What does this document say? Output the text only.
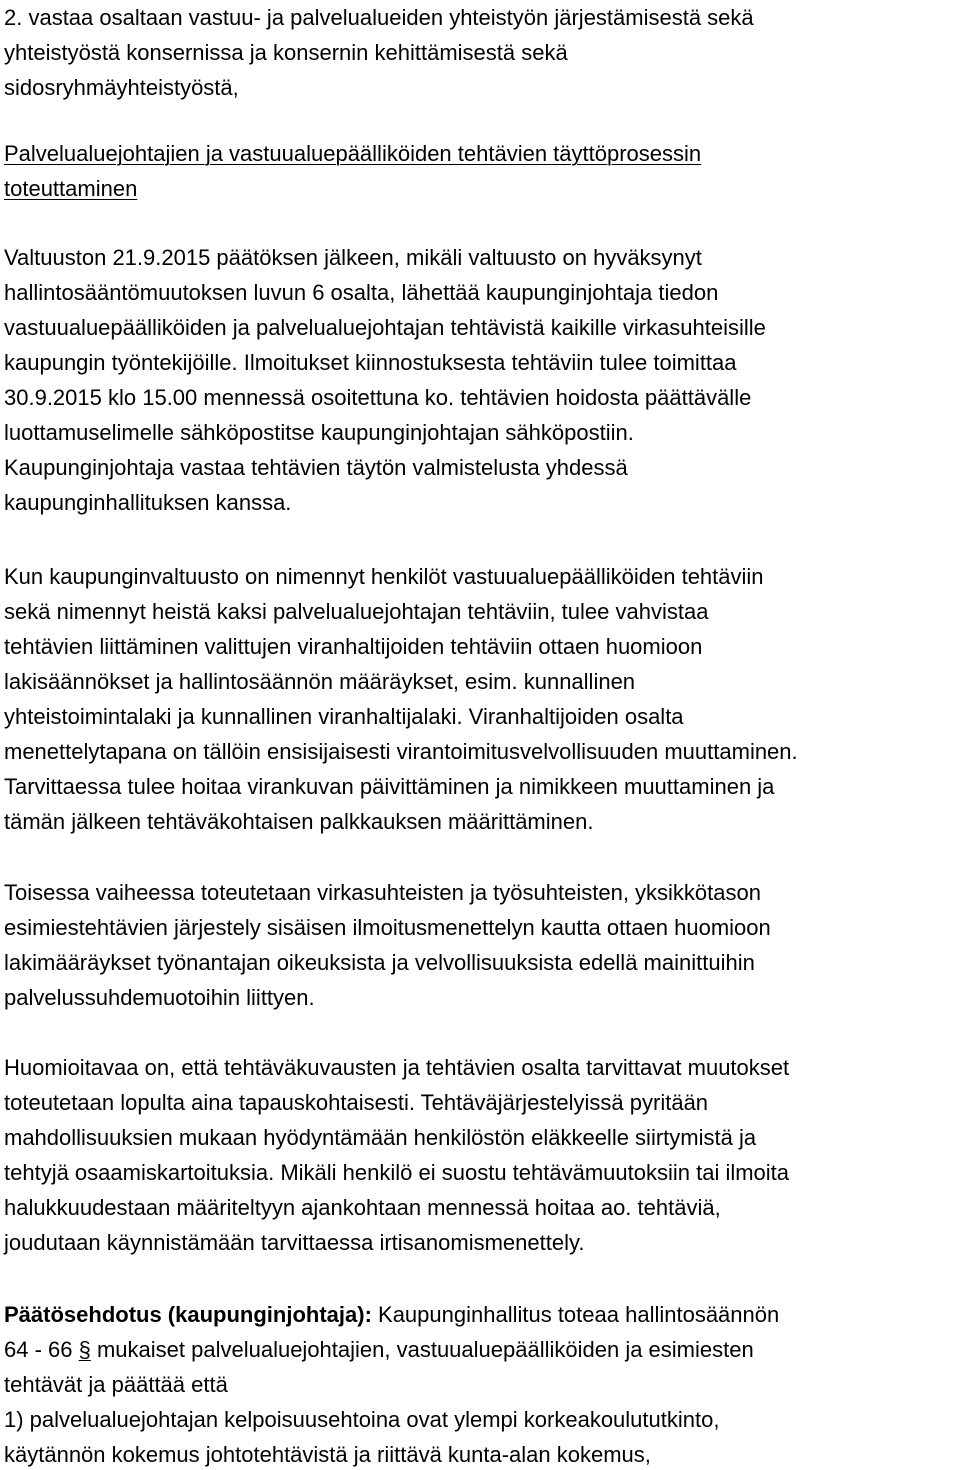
2. vastaa osaltaan vastuu- ja palvelualueiden yhteistyön järjestämisestä sekä
yhteistyöstä konsernissa ja konsernin kehittämisestä sekä
sidosryhmäyhteistyöstä,
Palvelualuejohtajien ja vastuualuepäälliköiden tehtävien täyttöprosessin
toteuttaminen
Valtuuston 21.9.2015 päätöksen jälkeen, mikäli valtuusto on hyväksynyt
hallintosääntömuutoksen luvun 6 osalta, lähettää kaupunginjohtaja tiedon
vastuualuepäälliköiden ja palvelualuejohtajan tehtävistä kaikille virkasuhteisille
kaupungin työntekijöille. Ilmoitukset kiinnostuksesta tehtäviin tulee toimittaa
30.9.2015 klo 15.00 mennessä osoitettuna ko. tehtävien hoidosta päättävälle
luottamuselimelle sähköpostitse kaupunginjohtajan sähköpostiin.
Kaupunginjohtaja vastaa tehtävien täytön valmistelusta yhdessä
kaupunginhallituksen kanssa.
Kun kaupunginvaltuusto on nimennyt henkilöt vastuualuepäälliköiden tehtäviin
sekä nimennyt heistä kaksi palvelualuejohtajan tehtäviin, tulee vahvistaa
tehtävien liittäminen valittujen viranhaltijoiden tehtäviin ottaen huomioon
lakisäännökset ja hallintosäännön määräykset, esim. kunnallinen
yhteistoimintalaki ja kunnallinen viranhaltijalaki. Viranhaltijoiden osalta
menettelytapana on tällöin ensisijaisesti virantoimitusvelvollisuuden muuttaminen.
Tarvittaessa tulee hoitaa virankuvan päivittäminen ja nimikkeen muuttaminen ja
tämän jälkeen tehtäväkohtaisen palkkauksen määrittäminen.
Toisessa vaiheessa toteutetaan virkasuhteisten ja työsuhteisten, yksikkötason
esimiestehtävien järjestely sisäisen ilmoitusmenettelyn kautta ottaen huomioon
lakimääräykset työnantajan oikeuksista ja velvollisuuksista edellä mainittuihin
palvelussuhdemuotoihin liittyen.
Huomioitavaa on, että tehtäväkuvausten ja tehtävien osalta tarvittavat muutokset
toteutetaan lopulta aina tapauskohtaisesti. Tehtäväjärjestelyissä pyritään
mahdollisuuksien mukaan hyödyntämään henkilöstön eläkkeelle siirtymistä ja
tehtyjä osaamiskartoituksia. Mikäli henkilö ei suostu tehtävämuutoksiin tai ilmoita
halukkuudestaan määriteltyyn ajankohtaan mennessä hoitaa ao. tehtäviä,
joudutaan käynnistämään tarvittaessa irtisanomismenettely.
Päätösehdotus (kaupunginjohtaja): Kaupunginhallitus toteaa hallintosäännön
64 - 66 § mukaiset palvelualuejohtajien, vastuualuepäälliköiden ja esimiesten
tehtävät ja päättää että
1) palvelualuejohtajan kelpoisuusehtoina ovat ylempi korkeakoulututkinto,
käytännön kokemus johtotehtävistä ja riittävä kunta-alan kokemus,
